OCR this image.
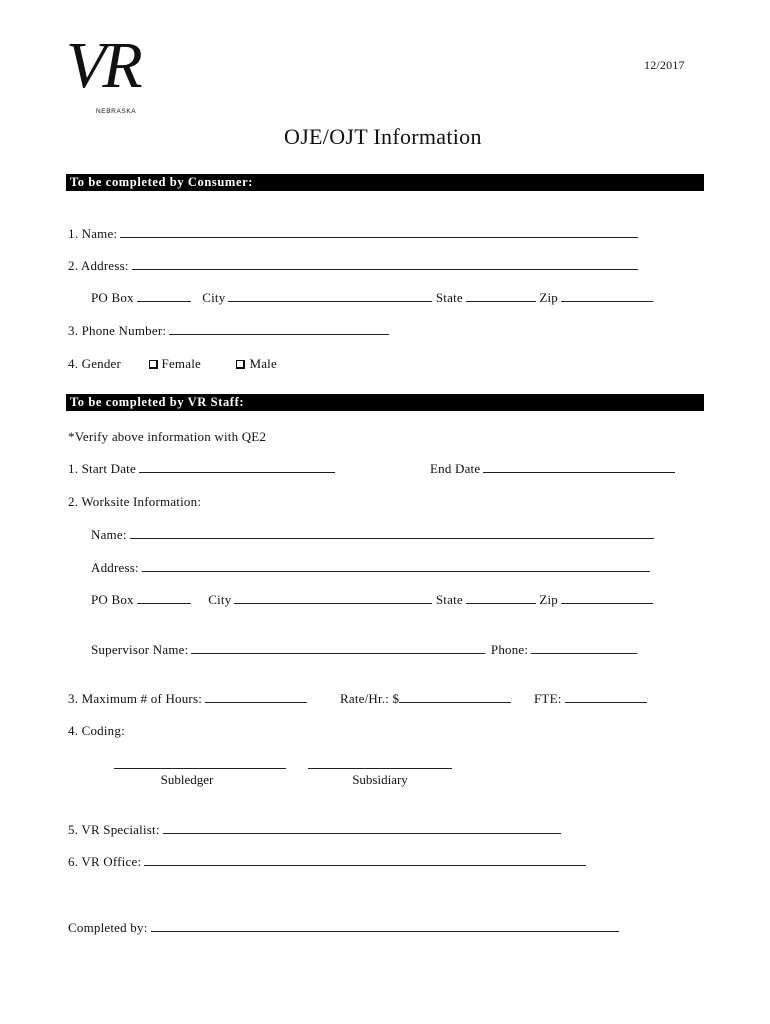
VR
NEBRASKA
12/2017
OJE/OJT Information
To be completed by Consumer:
1. Name:
2. Address:
PO Box	City	State	Zip
3. Phone Number:
4. Gender	Female	Male
To be completed by VR Staff:
*Verify above information with QE2
1. Start Date	End Date
2. Worksite Information:
Name:
Address:
PO Box	City	State	Zip
Supervisor Name:	Phone:
3. Maximum # of Hours:	Rate/Hr.: $	FTE:
4. Coding:
Subledger	Subsidiary
5. VR Specialist:
6. VR Office:
Completed by:
